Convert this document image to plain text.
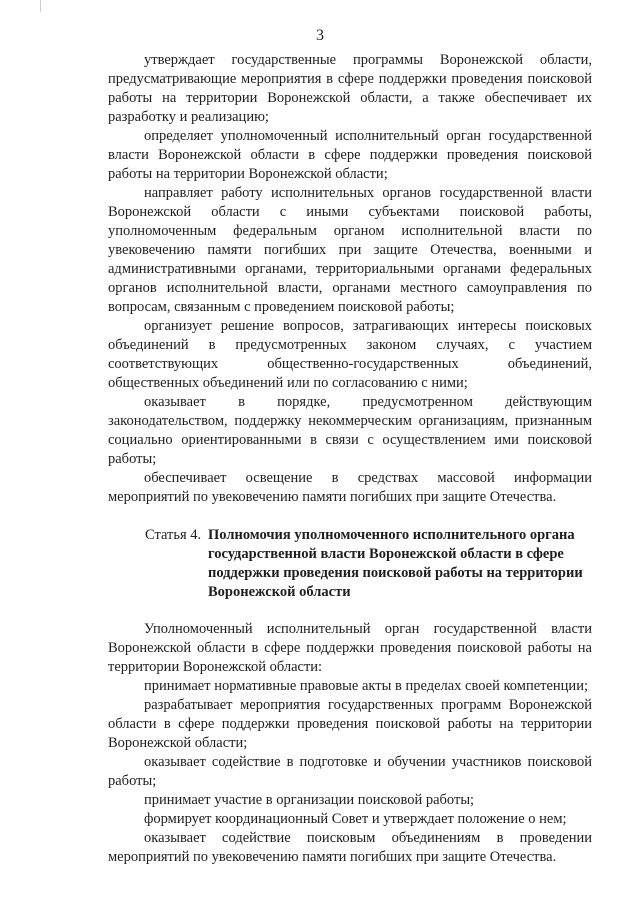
3

утверждает государственные программы Воронежской области, предусматривающие мероприятия в сфере поддержки проведения поисковой работы на территории Воронежской области, а также обеспечивает их разработку и реализацию;

определяет уполномоченный исполнительный орган государственной власти Воронежской области в сфере поддержки проведения поисковой работы на территории Воронежской области;

направляет работу исполнительных органов государственной власти Воронежской области с иными субъектами поисковой работы, уполномоченным федеральным органом исполнительной власти по увековечению памяти погибших при защите Отечества, военными и административными органами, территориальными органами федеральных органов исполнительной власти, органами местного самоуправления по вопросам, связанным с проведением поисковой работы;

организует решение вопросов, затрагивающих интересы поисковых объединений в предусмотренных законом случаях, с участием соответствующих общественно-государственных объединений, общественных объединений или по согласованию с ними;

оказывает в порядке, предусмотренном действующим законодательством, поддержку некоммерческим организациям, признанным социально ориентированными в связи с осуществлением ими поисковой работы;

обеспечивает освещение в средствах массовой информации мероприятий по увековечению памяти погибших при защите Отечества.

Статья 4. Полномочия уполномоченного исполнительного органа государственной власти Воронежской области в сфере поддержки проведения поисковой работы на территории Воронежской области

Уполномоченный исполнительный орган государственной власти Воронежской области в сфере поддержки проведения поисковой работы на территории Воронежской области:

принимает нормативные правовые акты в пределах своей компетенции;

разрабатывает мероприятия государственных программ Воронежской области в сфере поддержки проведения поисковой работы на территории Воронежской области;

оказывает содействие в подготовке и обучении участников поисковой работы;

принимает участие в организации поисковой работы;

формирует координационный Совет и утверждает положение о нем;

оказывает содействие поисковым объединениям в проведении мероприятий по увековечению памяти погибших при защите Отечества.
